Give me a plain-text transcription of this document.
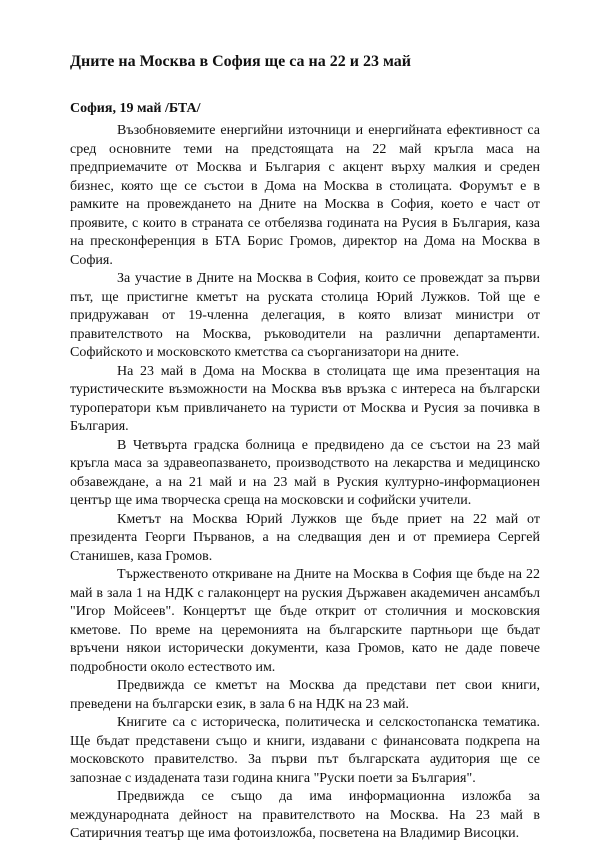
Дните на Москва в София ще са на 22 и 23 май
София, 19 май /БТА/

Възобновяемите енергийни източници и енергийната ефективност са сред основните теми на предстоящата на 22 май кръгла маса на предприемачите от Москва и България с акцент върху малкия и среден бизнес, която ще се състои в Дома на Москва в столицата. Форумът е в рамките на провеждането на Дните на Москва в София, което е част от проявите, с които в страната се отбелязва годината на Русия в България, каза на пресконференция в БТА Борис Громов, директор на Дома на Москва в София.

За участие в Дните на Москва в София, които се провеждат за първи път, ще пристигне кметът на руската столица Юрий Лужков. Той ще е придружаван от 19-членна делегация, в която влизат министри от правителството на Москва, ръководители на различни департаменти. Софийското и московското кметства са съорганизатори на дните.

На 23 май в Дома на Москва в столицата ще има презентация на туристическите възможности на Москва във връзка с интереса на български туроператори към привличането на туристи от Москва и Русия за почивка в България.

В Четвърта градска болница е предвидено да се състои на 23 май кръгла маса за здравеопазването, производството на лекарства и медицинско обзавеждане, а на 21 май и на 23 май в Руския културно-информационен център ще има творческа среща на московски и софийски учители.

Кметът на Москва Юрий Лужков ще бъде приет на 22 май от президента Георги Първанов, а на следващия ден и от премиера Сергей Станишев, каза Громов.

Тържественото откриване на Дните на Москва в София ще бъде на 22 май в зала 1 на НДК с галаконцерт на руския Държавен академичен ансамбъл "Игор Мойсеев". Концертът ще бъде открит от столичния и московския кметове. По време на церемонията на българските партньори ще бъдат връчени някои исторически документи, каза Громов, като не даде повече подробности около естеството им.

Предвижда се кметът на Москва да представи пет свои книги, преведени на български език, в зала 6 на НДК на 23 май.

Книгите са с историческа, политическа и селскостопанска тематика. Ще бъдат представени също и книги, издавани с финансовата подкрепа на московското правителство. За първи път българската аудитория ще се запознае с издадената тази година книга "Руски поети за България".

Предвижда се също да има информационна изложба за международната дейност на правителството на Москва. На 23 май в Сатиричния театър ще има фотоизложба, посветена на Владимир Висоцки.
